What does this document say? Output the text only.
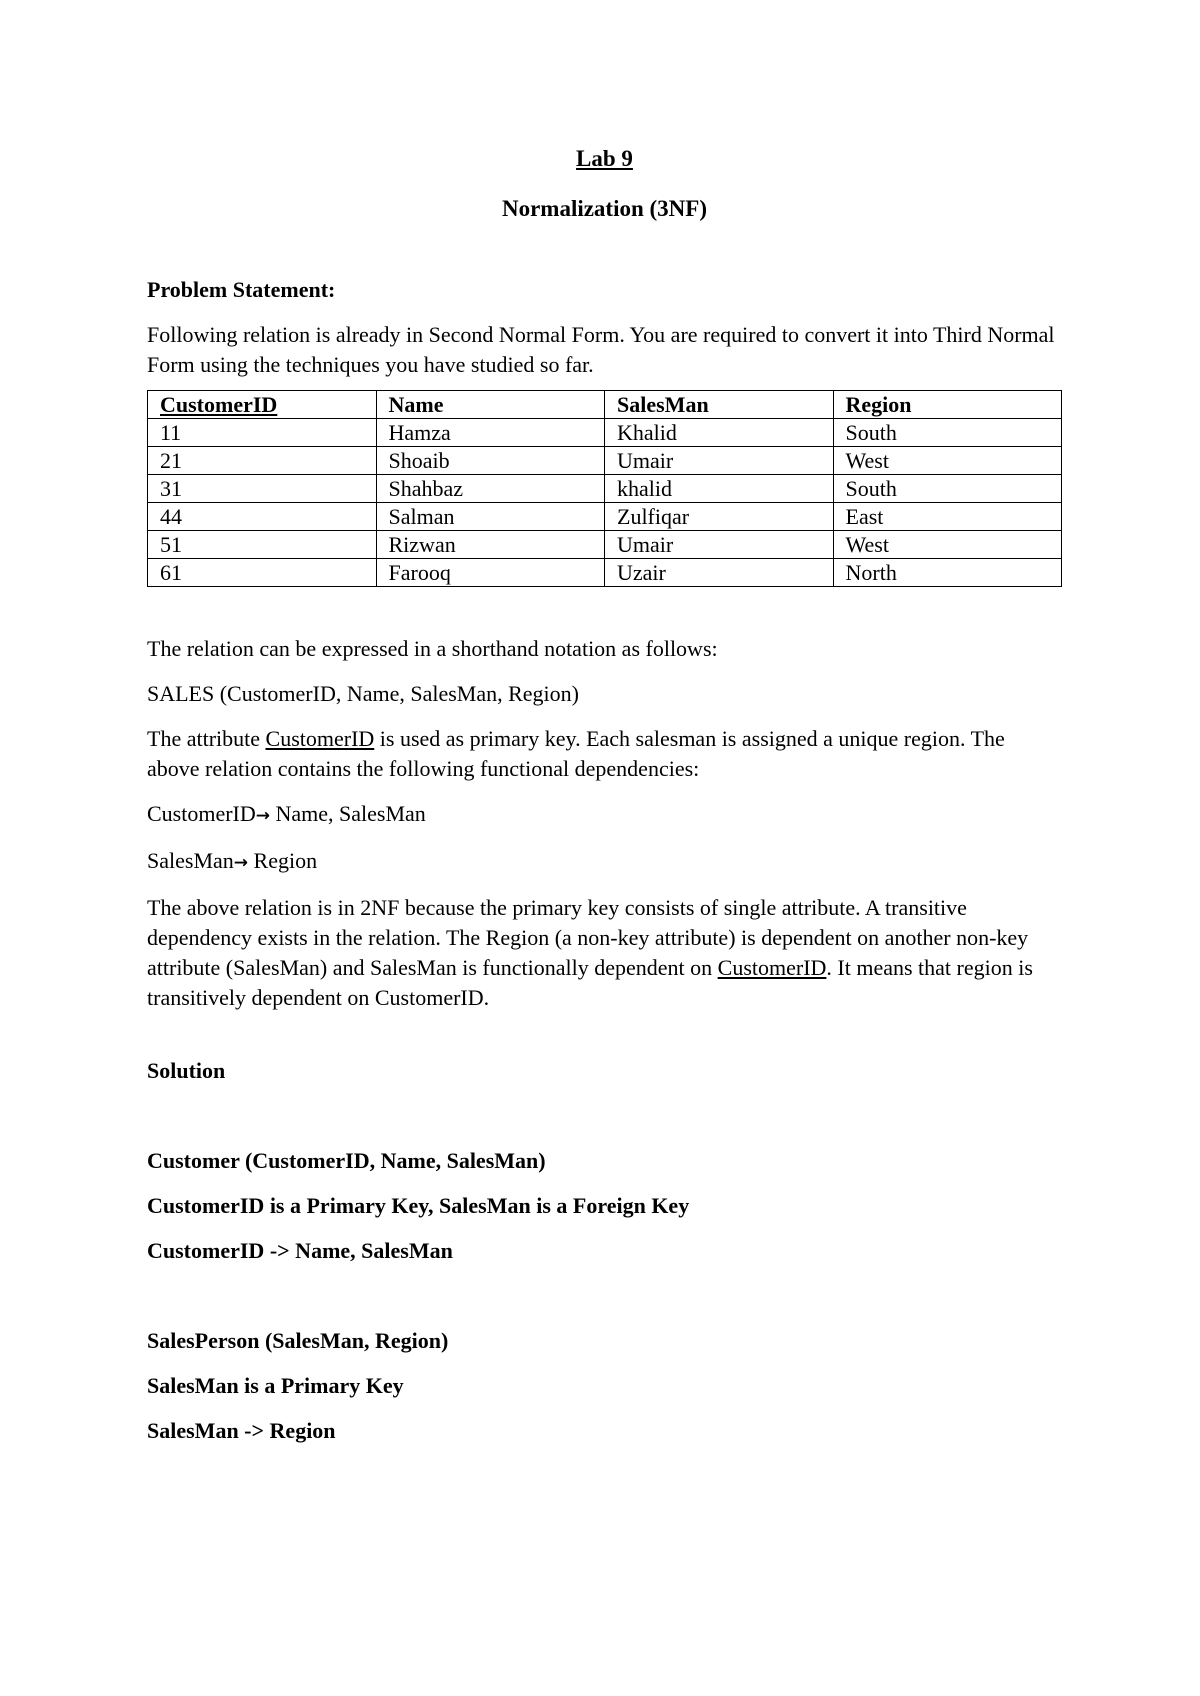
Lab 9
Normalization (3NF)

Problem Statement:

Following relation is already in Second Normal Form. You are required to convert it into Third Normal Form using the techniques you have studied so far.

CustomerID	Name	SalesMan	Region
11	Hamza	Khalid	South
21	Shoaib	Umair	West
31	Shahbaz	khalid	South
44	Salman	Zulfiqar	East
51	Rizwan	Umair	West
61	Farooq	Uzair	North

The relation can be expressed in a shorthand notation as follows:

SALES (CustomerID, Name, SalesMan, Region)

The attribute CustomerID is used as primary key. Each salesman is assigned a unique region. The above relation contains the following functional dependencies:

CustomerID→ Name, SalesMan

SalesMan→ Region

The above relation is in 2NF because the primary key consists of single attribute. A transitive dependency exists in the relation. The Region (a non-key attribute) is dependent on another non-key attribute (SalesMan) and SalesMan is functionally dependent on CustomerID. It means that region is transitively dependent on CustomerID.

Solution

Customer (CustomerID, Name, SalesMan)

CustomerID is a Primary Key, SalesMan is a Foreign Key

CustomerID -> Name, SalesMan

SalesPerson (SalesMan, Region)

SalesMan is a Primary Key

SalesMan -> Region
